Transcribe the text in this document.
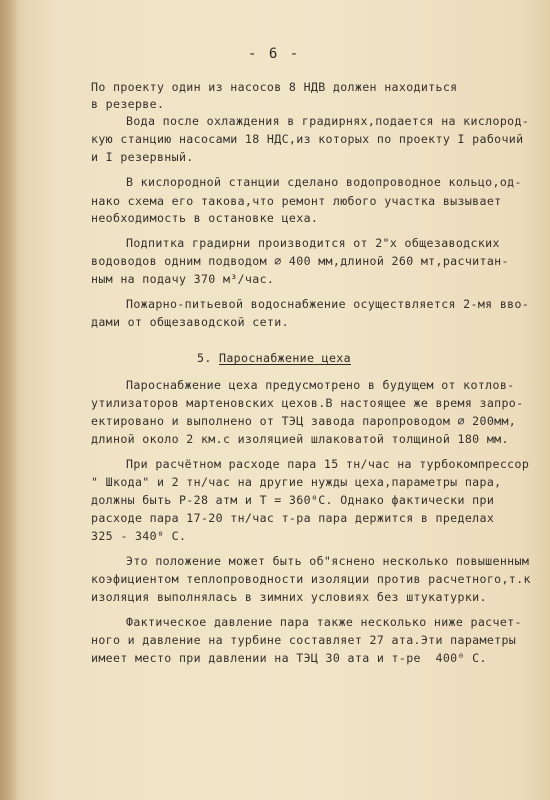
- 6 -
По проекту один из насосов 8 НДВ должен находиться
в резерве.
Вода после охлаждения в градирнях,подается на кислород-
кую станцию насосами 18 НДС,из которых по проекту I рабочий
и I резервный.
В кислородной станции сделано водопроводное кольцо,од-
нако схема его такова,что ремонт любого участка вызывает
необходимость в остановке цеха.
Подпитка градирни производится от 2"х общезаводских
водоводов одним подводом ∅ 400 мм,длиной 260 мт,расчитан-
ным на подачу 370 м³/час.
Пожарно-питьевой водоснабжение осуществляется 2-мя вво-
дами от общезаводской сети.
5. Пароснабжение цеха
Пароснабжение цеха предусмотрено в будущем от котлов-
утилизаторов мартеновских цехов.В настоящее же время запро-
ектировано и выполнено от ТЭЦ завода паропроводом ∅ 200мм,
длиной около 2 км.с изоляцией шлаковатой толщиной 180 мм.
При расчётном расходе пара 15 тн/час на турбокомпрессор
" Шкода" и 2 тн/час на другие нужды цеха,параметры пара,
должны быть Р-28 атм и Т = 360⁰С. Однако фактически при
расходе пара 17-20 тн/час т-ра пара держится в пределах
325 - 340⁰ С.
Это положение может быть об"яснено несколько повышенным
коэфициентом теплопроводности изоляции против расчетного,т.к
изоляция выполнялась в зимних условиях без штукатурки.
Фактическое давление пара также несколько ниже расчет-
ного и давление на турбине составляет 27 ата.Эти параметры
имеет место при давлении на ТЭЦ 30 ата и т-ре  400⁰ С.
